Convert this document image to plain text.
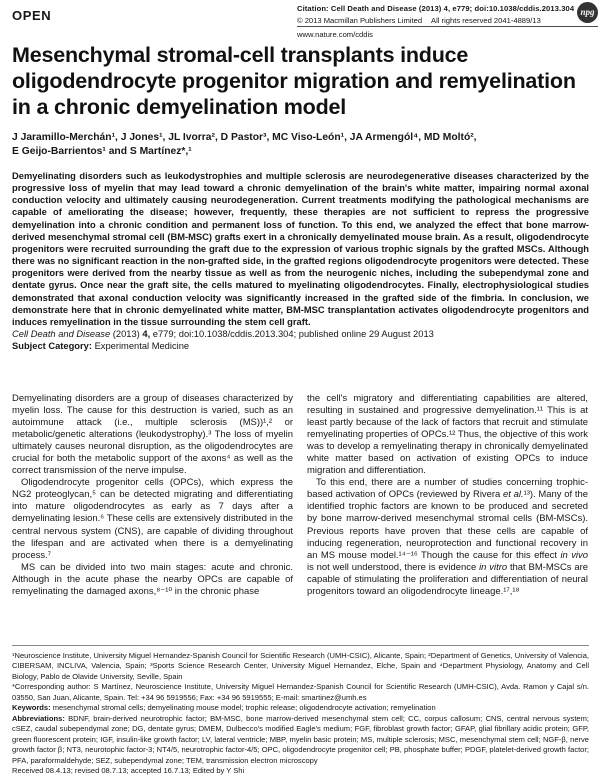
OPEN	Citation: Cell Death and Disease (2013) 4, e779; doi:10.1038/cddis.2013.304
© 2013 Macmillan Publishers Limited All rights reserved 2041-4889/13
www.nature.com/cddis
npg
Mesenchymal stromal-cell transplants induce oligodendrocyte progenitor migration and remyelination in a chronic demyelination model
J Jaramillo-Merchán¹, J Jones¹, JL Ivorra², D Pastor³, MC Viso-León¹, JA Armengól⁴, MD Moltó²,
E Geijo-Barrientos¹ and S Martínez*,¹

Demyelinating disorders such as leukodystrophies and multiple sclerosis are neurodegenerative diseases characterized by the progressive loss of myelin that may lead toward a chronic demyelination of the brain's white matter, impairing normal axonal conduction velocity and ultimately causing neurodegeneration. Current treatments modifying the pathological mechanisms are capable of ameliorating the disease; however, frequently, these therapies are not sufficient to repress the progressive demyelination into a chronic condition and permanent loss of function. To this end, we analyzed the effect that bone marrow-derived mesenchymal stromal cell (BM-MSC) grafts exert in a chronically demyelinated mouse brain. As a result, oligodendrocyte progenitors were recruited surrounding the graft due to the expression of various trophic signals by the grafted MSCs. Although there was no significant reaction in the non-grafted side, in the grafted regions oligodendrocyte progenitors were detected. These progenitors were derived from the nearby tissue as well as from the neurogenic niches, including the subependymal zone and dentate gyrus. Once near the graft site, the cells matured to myelinating oligodendrocytes. Finally, electrophysiological studies demonstrated that axonal conduction velocity was significantly increased in the grafted side of the fimbria. In conclusion, we demonstrate here that in chronic demyelinated white matter, BM-MSC transplantation activates oligodendrocyte progenitors and induces remyelination in the tissue surrounding the stem cell graft.

Cell Death and Disease (2013) 4, e779; doi:10.1038/cddis.2013.304; published online 29 August 2013

Subject Category: Experimental Medicine

Demyelinating disorders are a group of diseases characterized by myelin loss. The cause for this destruction is varied, such as an autoimmune attack (i.e., multiple sclerosis (MS))¹,² or metabolic/genetic alterations (leukodystrophy).³ The loss of myelin ultimately causes neuronal disruption, as the oligodendrocytes are crucial for both the metabolic support of the axons⁴ as well as the correct transmission of the nerve impulse.

Oligodendrocyte progenitor cells (OPCs), which express the NG2 proteoglycan,⁵ can be detected migrating and differentiating into mature oligodendrocytes as early as 7 days after a demyelinating lesion.⁶ These cells are extensively distributed in the central nervous system (CNS), are capable of dividing throughout the lifespan and are activated when there is a demyelinating process.⁷

MS can be divided into two main stages: acute and chronic. Although in the acute phase the nearby OPCs are capable of remyelinating the damaged axons,⁸⁻¹⁰ in the chronic phase

the cell's migratory and differentiating capabilities are altered, resulting in sustained and progressive demyelination.¹¹ This is at least partly because of the lack of factors that recruit and stimulate remyelinating properties of OPCs.¹² Thus, the objective of this work was to develop a remyelinating therapy in chronically demyelinated white matter based on activation of existing OPCs to induce migration and differentiation.

To this end, there are a number of studies concerning trophic-based activation of OPCs (reviewed by Rivera et al.¹³). Many of the identified trophic factors are known to be produced and secreted by bone marrow-derived mesenchymal stromal cells (BM-MSCs). Previous reports have proven that these cells are capable of inducing regeneration, neuroprotection and functional recovery in an MS mouse model.¹⁴⁻¹⁶ Though the cause for this effect in vivo is not well understood, there is evidence in vitro that BM-MSCs are capable of stimulating the proliferation and differentiation of neural progenitors toward an oligodendrocyte lineage.¹⁷,¹⁸

¹Neuroscience Institute, University Miguel Hernandez-Spanish Council for Scientific Research (UMH-CSIC), Alicante, Spain; ²Department of Genetics, University of Valencia, CIBERSAM, INCLIVA, Valencia, Spain; ³Sports Science Research Center, University Miguel Hernandez, Elche, Spain and ⁴Department Physiology, Anatomy and Cell Biology, Pablo de Olavide University, Seville, Spain

*Corresponding author: S Martínez, Neuroscience Institute, University Miguel Hernandez-Spanish Council for Scientific Research (UMH-CSIC), Avda. Ramon y Cajal s/n. 03550, San Juan, Alicante, Spain. Tel: +34 96 5919556; Fax: +34 96 5919555; E-mail: smartinez@umh.es

Keywords: mesenchymal stromal cells; demyelinating mouse model; trophic release; oligodendrocyte activation; remyelination

Abbreviations: BDNF, brain-derived neurotrophic factor; BM-MSC, bone marrow-derived mesenchymal stem cell; CC, corpus callosum; CNS, central nervous system; cSEZ, caudal subependymal zone; DG, dentate gyrus; DMEM, Dulbecco's modified Eagle's medium; FGF, fibroblast growth factor; GFAP, glial fibrillary acidic protein; GFP, green fluorescent protein; IGF, insulin-like growth factor; LV, lateral ventricle; MBP, myelin basic protein; MS, multiple sclerosis; MSC, mesenchymal stem cell; NGF-β, nerve growth factor β; NT3, neurotophic factor-3; NT4/5, neurotrophic factor-4/5; OPC, oligodendrocyte progenitor cell; PB, phosphate buffer; PDGF, platelet-derived growth factor; PFA, paraformaldehyde; SEZ, subependymal zone; TEM, transmission electron microscopy

Received 08.4.13; revised 08.7.13; accepted 16.7.13; Edited by Y Shi
